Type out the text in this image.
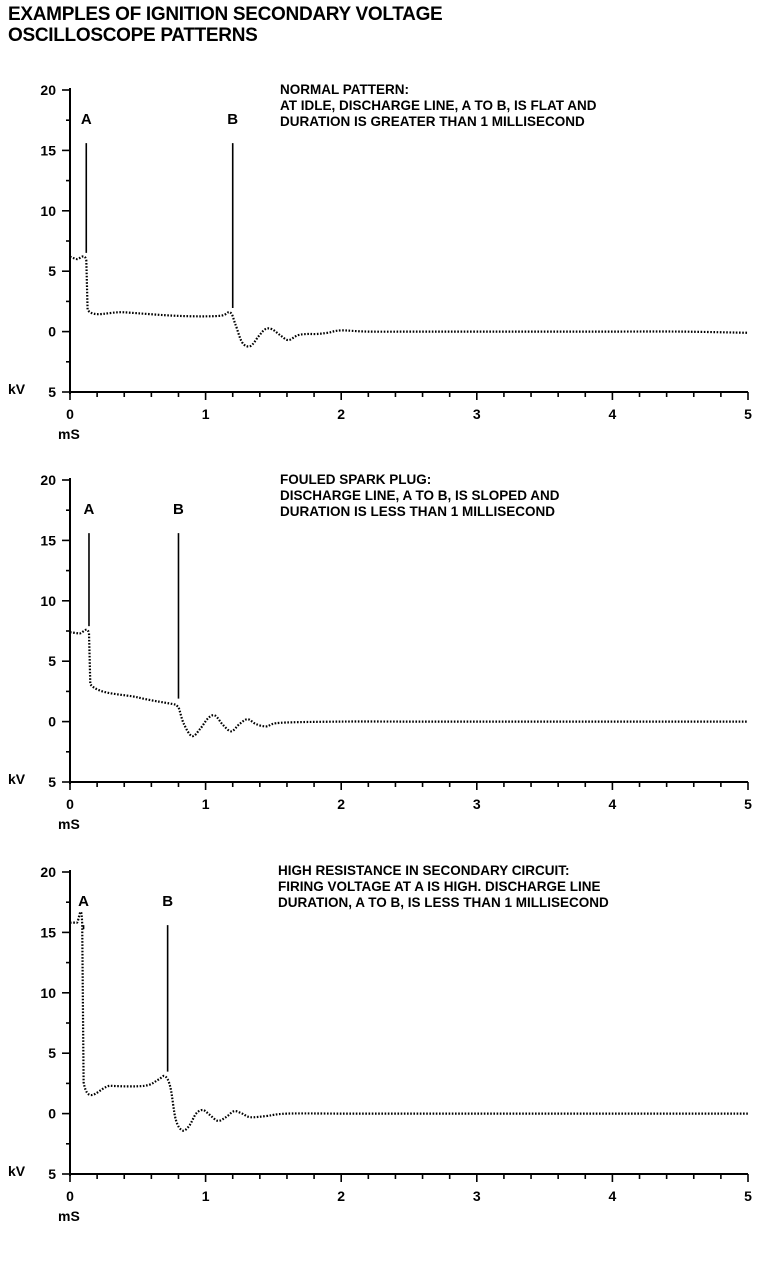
EXAMPLES OF IGNITION SECONDARY VOLTAGE
OSCILLOSCOPE PATTERNS
20
15
10
5
0
5
kV
0	1	2	3	4	5
mS
A	B
NORMAL PATTERN:
AT IDLE, DISCHARGE LINE, A TO B, IS FLAT AND
DURATION IS GREATER THAN 1 MILLISECOND
20
15
10
5
0
5
kV
0	1	2	3	4	5
mS
A	B
FOULED SPARK PLUG:
DISCHARGE LINE, A TO B, IS SLOPED AND
DURATION IS LESS THAN 1 MILLISECOND
20
15
10
5
0
5
kV
0	1	2	3	4	5
mS
A	B
HIGH RESISTANCE IN SECONDARY CIRCUIT:
FIRING VOLTAGE AT A IS HIGH. DISCHARGE LINE
DURATION, A TO B, IS LESS THAN 1 MILLISECOND
